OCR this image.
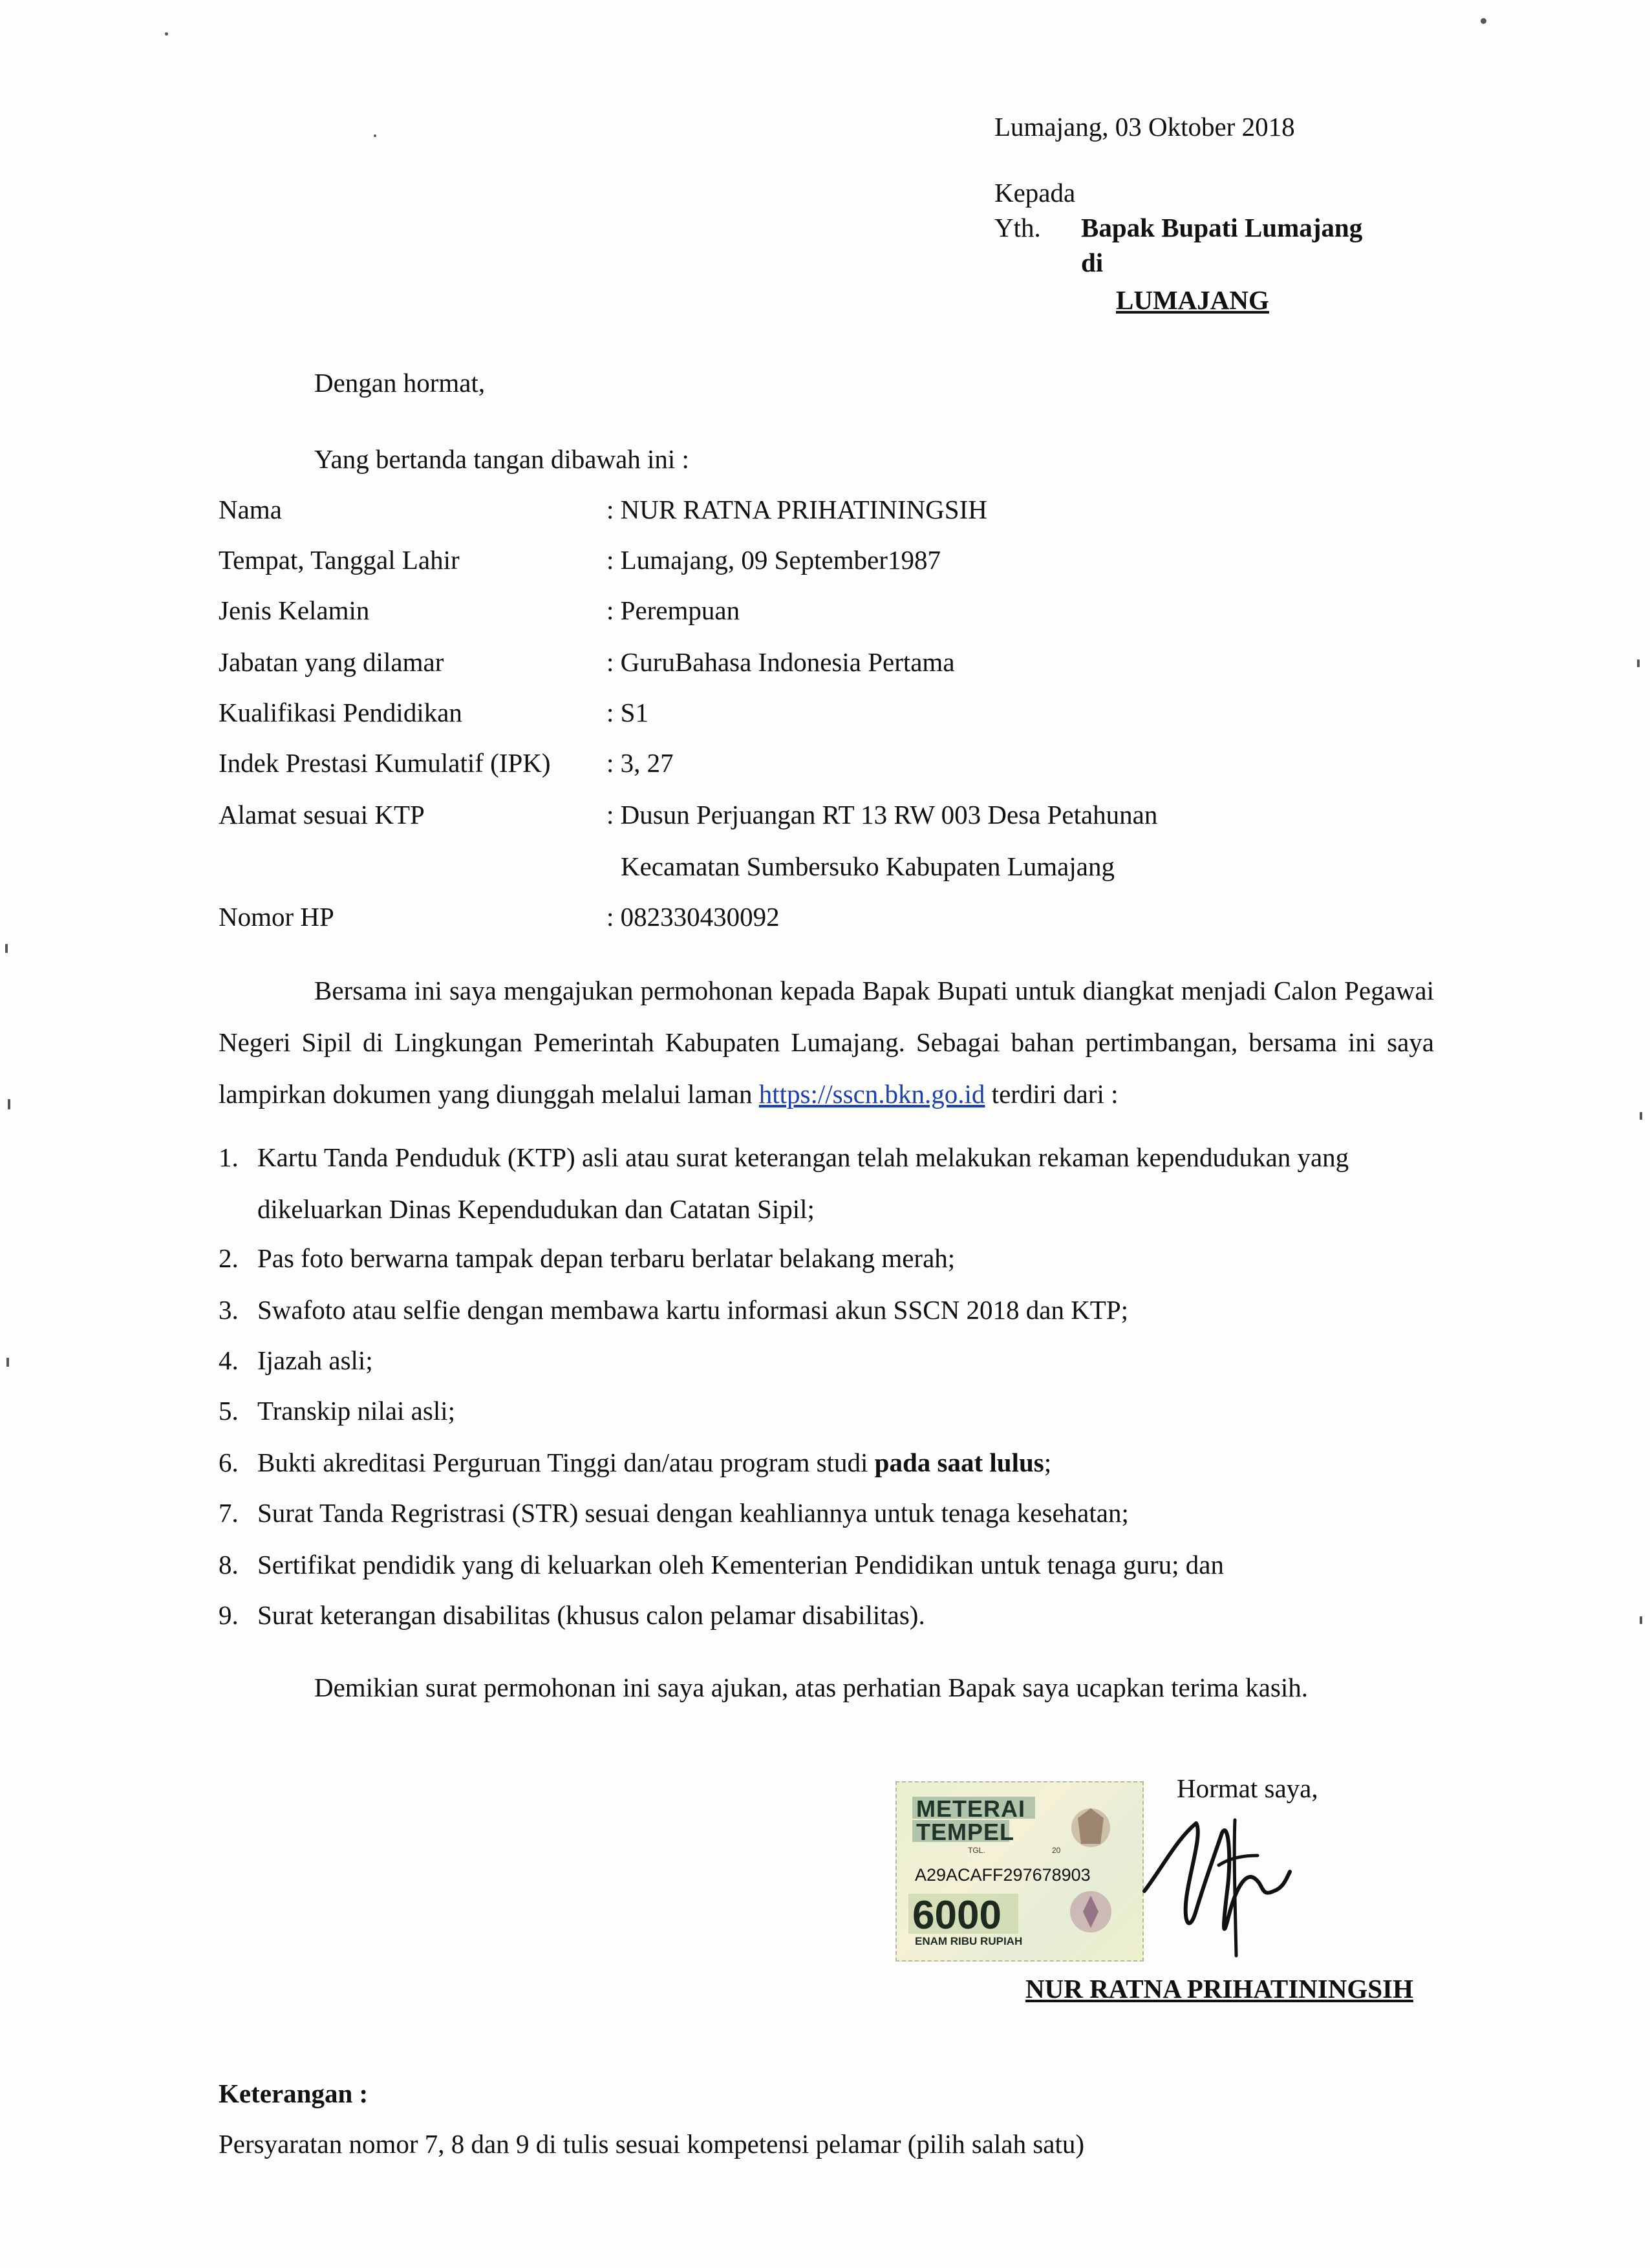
Lumajang, 03 Oktober 2018
Kepada
Yth. Bapak Bupati Lumajang
di
LUMAJANG
Dengan hormat,
Yang bertanda tangan dibawah ini :
Nama	: NUR RATNA PRIHATININGSIH
Tempat, Tanggal Lahir	: Lumajang, 09 September1987
Jenis Kelamin	: Perempuan
Jabatan yang dilamar	: GuruBahasa Indonesia Pertama
Kualifikasi Pendidikan	: S1
Indek Prestasi Kumulatif (IPK) : 3, 27
Alamat sesuai KTP	: Dusun Perjuangan RT 13 RW 003 Desa Petahunan
Kecamatan Sumbersuko Kabupaten Lumajang
Nomor HP	: 082330430092
Bersama ini saya mengajukan permohonan kepada Bapak Bupati untuk diangkat menjadi Calon Pegawai Negeri Sipil di Lingkungan Pemerintah Kabupaten Lumajang. Sebagai bahan pertimbangan, bersama ini saya lampirkan dokumen yang diunggah melalui laman https://sscn.bkn.go.id terdiri dari :
1. Kartu Tanda Penduduk (KTP) asli atau surat keterangan telah melakukan rekaman kependudukan yang
dikeluarkan Dinas Kependudukan dan Catatan Sipil;
2. Pas foto berwarna tampak depan terbaru berlatar belakang merah;
3. Swafoto atau selfie dengan membawa kartu informasi akun SSCN 2018 dan KTP;
4. Ijazah asli;
5. Transkip nilai asli;
6. Bukti akreditasi Perguruan Tinggi dan/atau program studi pada saat lulus;
7. Surat Tanda Regristrasi (STR) sesuai dengan keahliannya untuk tenaga kesehatan;
8. Sertifikat pendidik yang di keluarkan oleh Kementerian Pendidikan untuk tenaga guru; dan
9. Surat keterangan disabilitas (khusus calon pelamar disabilitas).
Demikian surat permohonan ini saya ajukan, atas perhatian Bapak saya ucapkan terima kasih.
METERAI
TEMPEL
TGL.	20
A29ACAFF297678903
6000
ENAM RIBU RUPIAH
Hormat saya,
NUR RATNA PRIHATININGSIH
Keterangan :
Persyaratan nomor 7, 8 dan 9 di tulis sesuai kompetensi pelamar (pilih salah satu)
